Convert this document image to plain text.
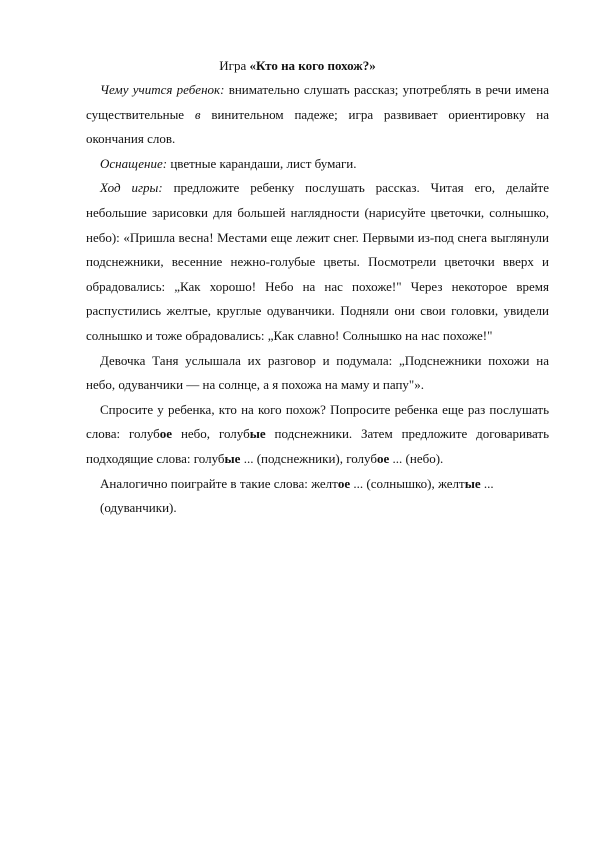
Игра «Кто на кого похож?»

Чему учится ребенок: внимательно слушать рассказ; употреблять в речи имена существительные в винительном падеже; игра развивает ориентировку на окончания слов.

Оснащение: цветные карандаши, лист бумаги.

Ход игры: предложите ребенку послушать рассказ. Читая его, делайте небольшие зарисовки для большей наглядности (нарисуйте цветочки, солнышко, небо): «Пришла весна! Местами еще лежит снег. Первыми из-под снега выглянули подснежники, весенние нежно-голубые цветы. Посмотрели цветочки вверх и обрадовались: „Как хорошо! Небо на нас похоже!" Через некоторое время распустились желтые, круглые одуванчики. Подняли они свои головки, увидели солнышко и тоже обрадовались: „Как славно! Солнышко на нас похоже!"

Девочка Таня услышала их разговор и подумала: „Подснежники похожи на небо, одуванчики — на солнце, а я похожа на маму и папу"».

Спросите у ребенка, кто на кого похож? Попросите ребенка еще раз послушать слова: голубое небо, голубые подснежники. Затем предложите договаривать подходящие слова: голубые ... (подснежники), голубое ... (небо).

Аналогично поиграйте в такие слова: желтое ... (солнышко), желтые ...

(одуванчики).
